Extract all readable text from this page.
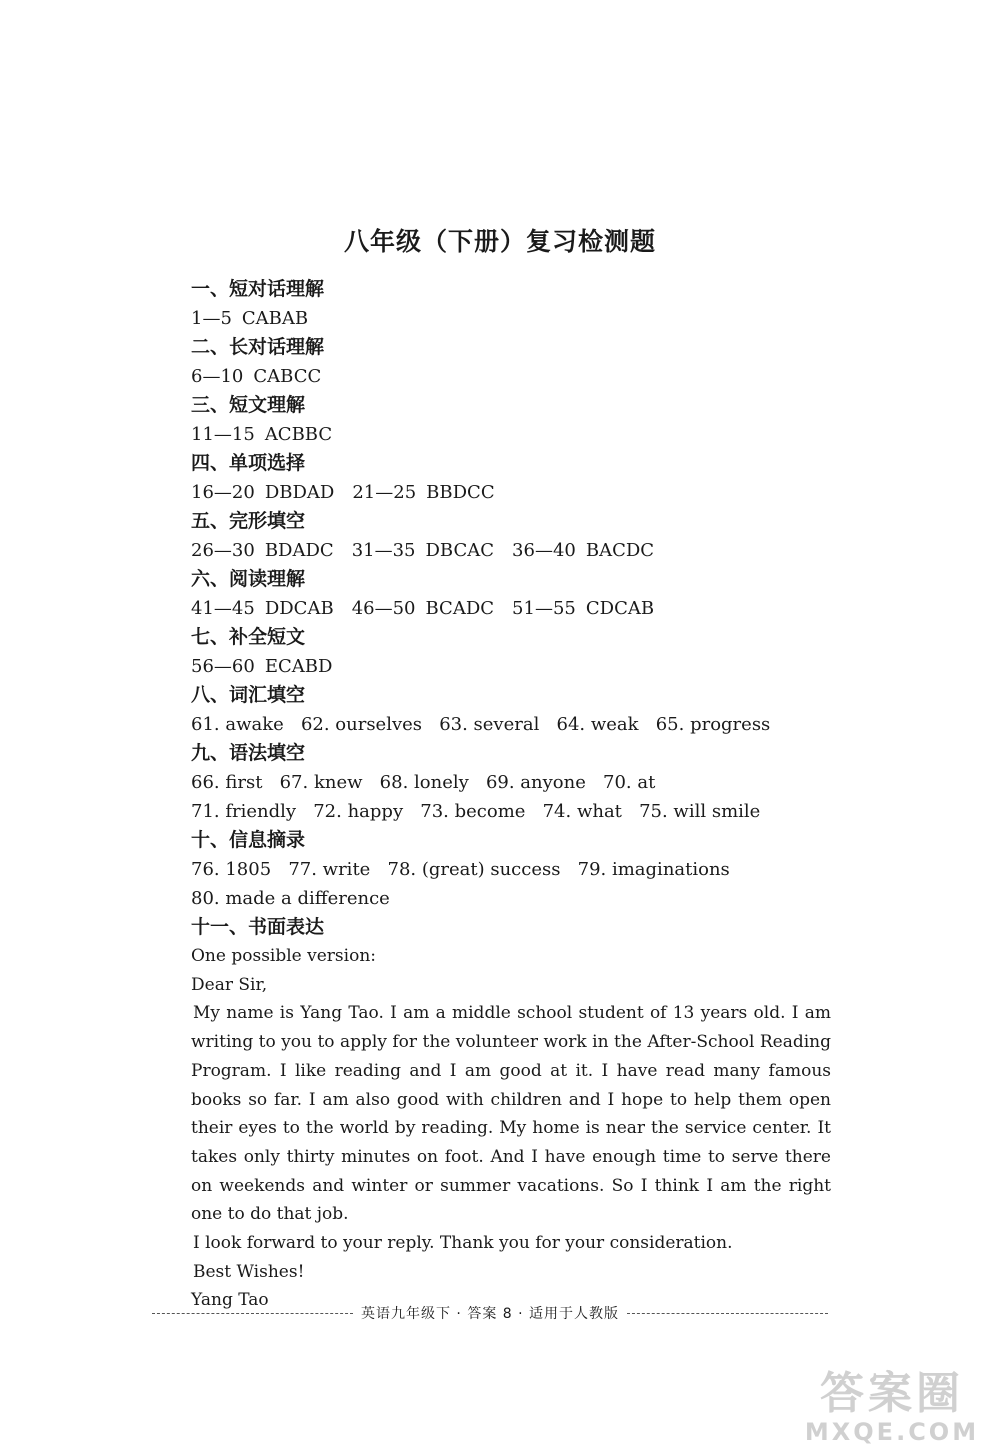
八年级（下册）复习检测题
一、短对话理解
1—5 CABAB
二、长对话理解
6—10 CABCC
三、短文理解
11—15 ACBBC
四、单项选择
16—20 DBDAD 21—25 BBDCC
五、完形填空
26—30 BDADC 31—35 DBCAC 36—40 BACDC
六、阅读理解
41—45 DDCAB 46—50 BCADC 51—55 CDCAB
七、补全短文
56—60 ECABD
八、词汇填空
61. awake   62. ourselves   63. several   64. weak   65. progress
九、语法填空
66. first   67. knew   68. lonely   69. anyone   70. at
71. friendly   72. happy   73. become   74. what   75. will smile
十、信息摘录
76. 1805   77. write   78. (great) success   79. imaginations
80. made a difference
十一、书面表达

One possible version:

Dear Sir,

My name is Yang Tao. I am a middle school student of 13 years old. I am writing to you to apply for the volunteer work in the After-School Reading Program. I like reading and I am good at it. I have read many famous books so far. I am also good with children and I hope to help them open their eyes to the world by reading. My home is near the service center. It takes only thirty minutes on foot. And I have enough time to serve there on weekends and winter or summer vacations. So I think I am the right one to do that job.

I look forward to your reply. Thank you for your consideration.

Best Wishes!

Yang Tao

英语九年级下 · 答案 8 · 适用于人教版
答案圈
MXQE.COM
